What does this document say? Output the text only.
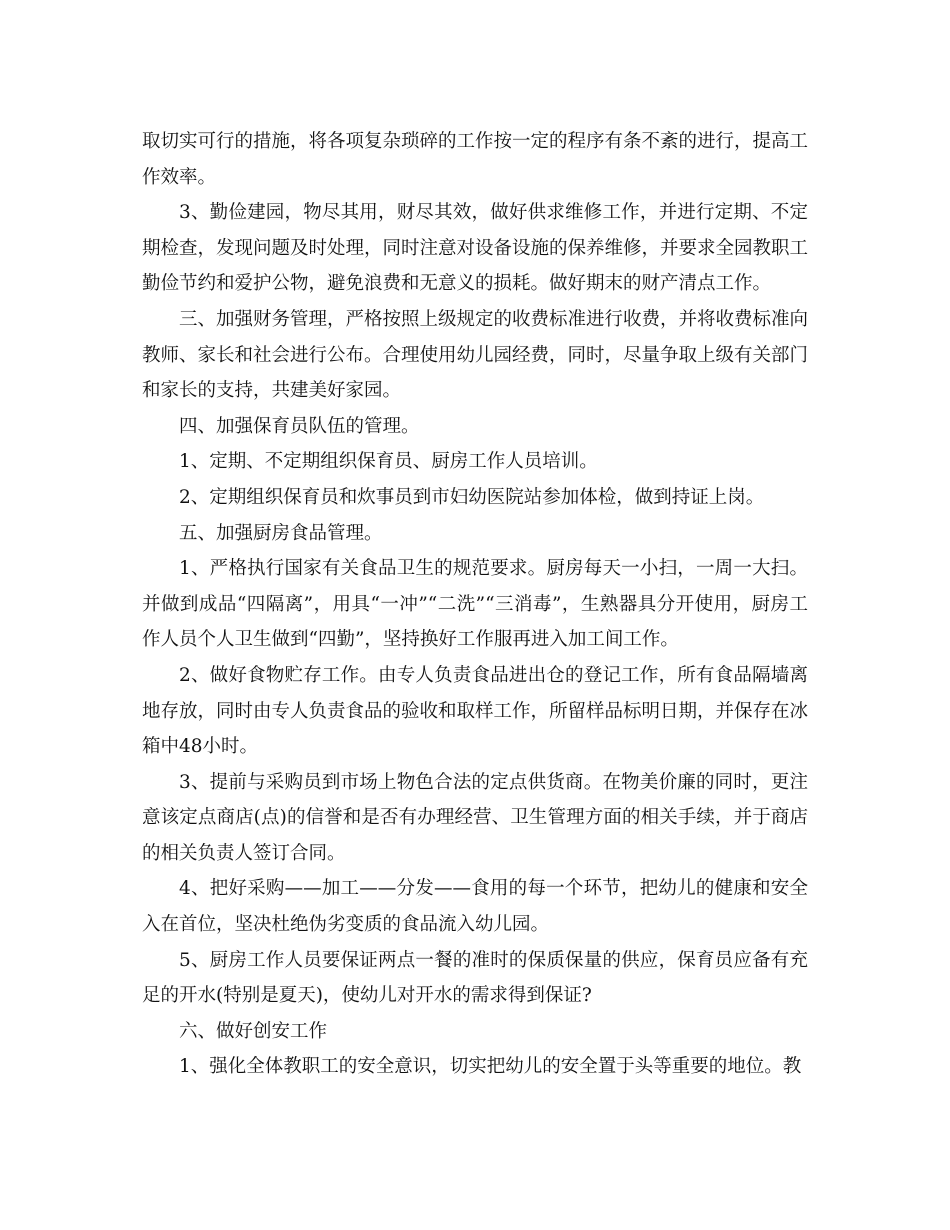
取切实可行的措施，将各项复杂琐碎的工作按一定的程序有条不紊的进行，提高工作效率。

3、勤俭建园，物尽其用，财尽其效，做好供求维修工作，并进行定期、不定期检查，发现问题及时处理，同时注意对设备设施的保养维修，并要求全园教职工勤俭节约和爱护公物，避免浪费和无意义的损耗。做好期末的财产清点工作。

三、加强财务管理，严格按照上级规定的收费标准进行收费，并将收费标准向教师、家长和社会进行公布。合理使用幼儿园经费，同时，尽量争取上级有关部门和家长的支持，共建美好家园。

四、加强保育员队伍的管理。

1、定期、不定期组织保育员、厨房工作人员培训。

2、定期组织保育员和炊事员到市妇幼医院站参加体检，做到持证上岗。

五、加强厨房食品管理。

1、严格执行国家有关食品卫生的规范要求。厨房每天一小扫，一周一大扫。并做到成品“四隔离”，用具“一冲”“二洗”“三消毒”，生熟器具分开使用，厨房工作人员个人卫生做到“四勤”，坚持换好工作服再进入加工间工作。

2、做好食物贮存工作。由专人负责食品进出仓的登记工作，所有食品隔墙离地存放，同时由专人负责食品的验收和取样工作，所留样品标明日期，并保存在冰箱中48小时。

3、提前与采购员到市场上物色合法的定点供货商。在物美价廉的同时，更注意该定点商店(点)的信誉和是否有办理经营、卫生管理方面的相关手续，并于商店的相关负责人签订合同。

4、把好采购——加工——分发——食用的每一个环节，把幼儿的健康和安全入在首位，坚决杜绝伪劣变质的食品流入幼儿园。

5、厨房工作人员要保证两点一餐的准时的保质保量的供应，保育员应备有充足的开水(特别是夏天)，使幼儿对开水的需求得到保证?

六、做好创安工作

1、强化全体教职工的安全意识，切实把幼儿的安全置于头等重要的地位。教
